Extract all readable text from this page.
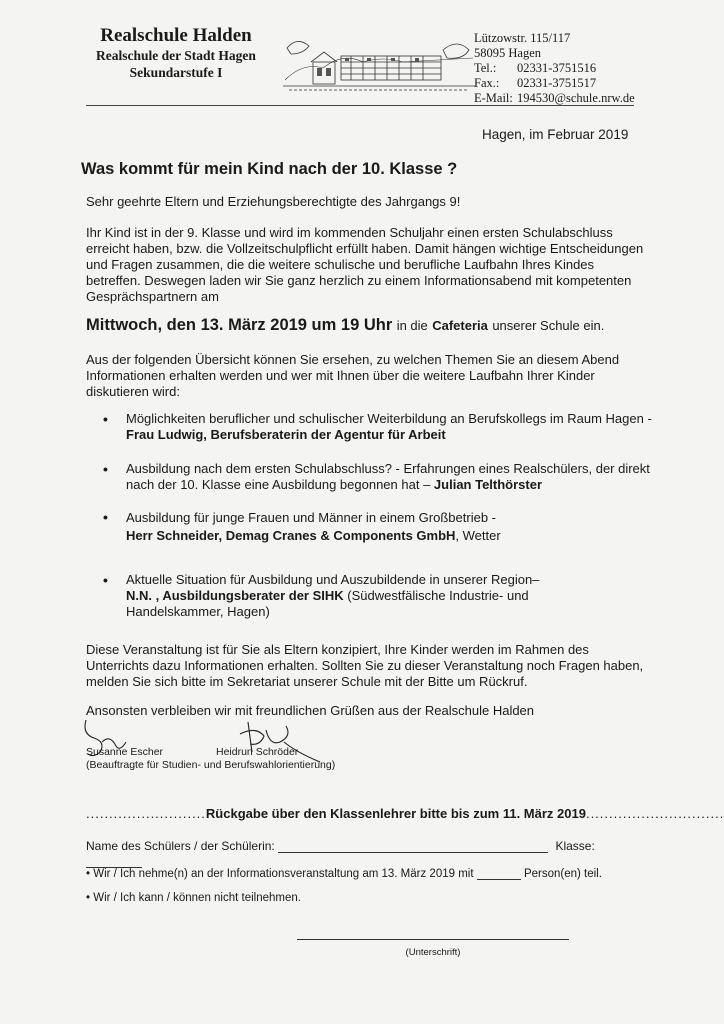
Realschule Halden
Realschule der Stadt Hagen
Sekundarstufe I
Lützowstr. 115/117
58095 Hagen
Tel.: 02331-3751516
Fax.: 02331-3751517
E-Mail: 194530@schule.nrw.de
Hagen, im Februar 2019
Was kommt für mein Kind nach der 10. Klasse ?
Sehr geehrte Eltern und Erziehungsberechtigte des Jahrgangs 9!
Ihr Kind ist in der 9. Klasse und wird im kommenden Schuljahr einen ersten Schulabschluss erreicht haben, bzw. die Vollzeitschulpflicht erfüllt haben. Damit hängen wichtige Entscheidungen und Fragen zusammen, die die weitere schulische und berufliche Laufbahn Ihres Kindes betreffen. Deswegen laden wir Sie ganz herzlich zu einem Informationsabend mit kompetenten Gesprächspartnern am
Mittwoch, den 13. März 2019 um 19 Uhr in die Cafeteria unserer Schule ein.
Aus der folgenden Übersicht können Sie ersehen, zu welchen Themen Sie an diesem Abend Informationen erhalten werden und wer mit Ihnen über die weitere Laufbahn Ihrer Kinder diskutieren wird:
• Möglichkeiten beruflicher und schulischer Weiterbildung an Berufskollegs im Raum Hagen -
Frau Ludwig, Berufsberaterin der Agentur für Arbeit
• Ausbildung nach dem ersten Schulabschluss? - Erfahrungen eines Realschülers, der direkt nach der 10. Klasse eine Ausbildung begonnen hat – Julian Telthörster
• Ausbildung für junge Frauen und Männer in einem Großbetrieb -
Herr Schneider, Demag Cranes & Components GmbH, Wetter
• Aktuelle Situation für Ausbildung und Auszubildende in unserer Region–
N.N. , Ausbildungsberater der SIHK (Südwestfälische Industrie- und Handelskammer, Hagen)
Diese Veranstaltung ist für Sie als Eltern konzipiert, Ihre Kinder werden im Rahmen des Unterrichts dazu Informationen erhalten. Sollten Sie zu dieser Veranstaltung noch Fragen haben, melden Sie sich bitte im Sekretariat unserer Schule mit der Bitte um Rückruf.
Ansonsten verbleiben wir mit freundlichen Grüßen aus der Realschule Halden
Susanne Escher	Heidrun Schröder
(Beauftragte für Studien- und Berufswahlorientierung)
..........................Rückgabe über den Klassenlehrer bitte bis zum 11. März 2019..............................
Name des Schülers / der Schülerin:	Klasse:
• Wir / Ich nehme(n) an der Informationsveranstaltung am 13. März 2019 mit	Person(en) teil.
• Wir / Ich kann / können nicht teilnehmen.
(Unterschrift)
